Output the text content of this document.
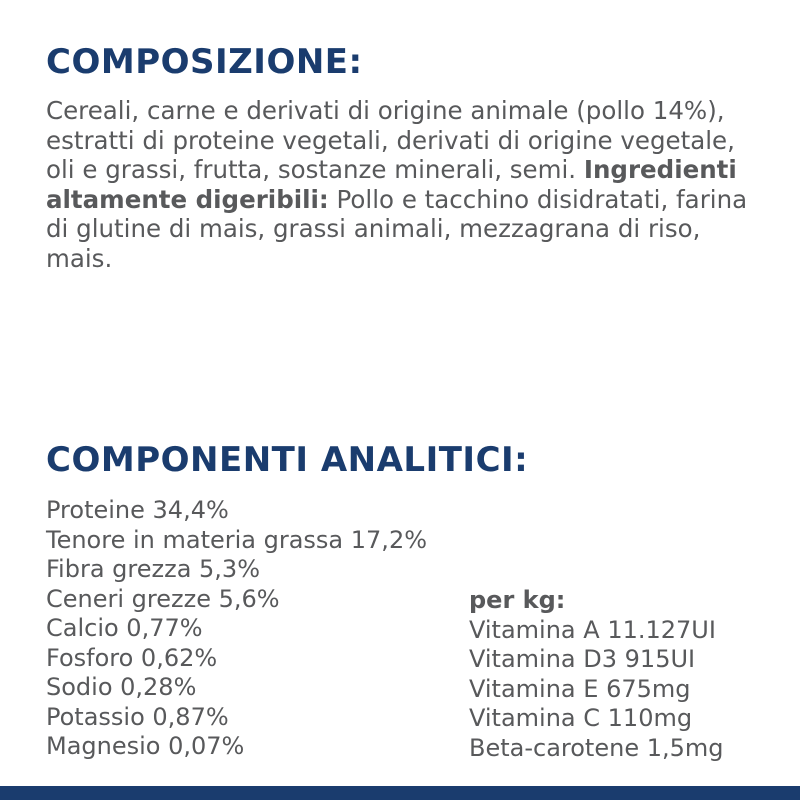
COMPOSIZIONE:

Cereali, carne e derivati di origine animale (pollo 14%), estratti di proteine vegetali, derivati di origine vegetale, oli e grassi, frutta, sostanze minerali, semi. Ingredienti altamente digeribili: Pollo e tacchino disidratati, farina di glutine di mais, grassi animali, mezzagrana di riso, mais.

COMPONENTI ANALITICI:
Proteine 34,4%
Tenore in materia grassa 17,2%
Fibra grezza 5,3%
Ceneri grezze 5,6%
Calcio 0,77%
Fosforo 0,62%
Sodio 0,28%
Potassio 0,87%
Magnesio 0,07%

per kg:

Vitamina A 11.127UI
Vitamina D3 915UI
Vitamina E 675mg
Vitamina C 110mg
Beta-carotene 1,5mg
